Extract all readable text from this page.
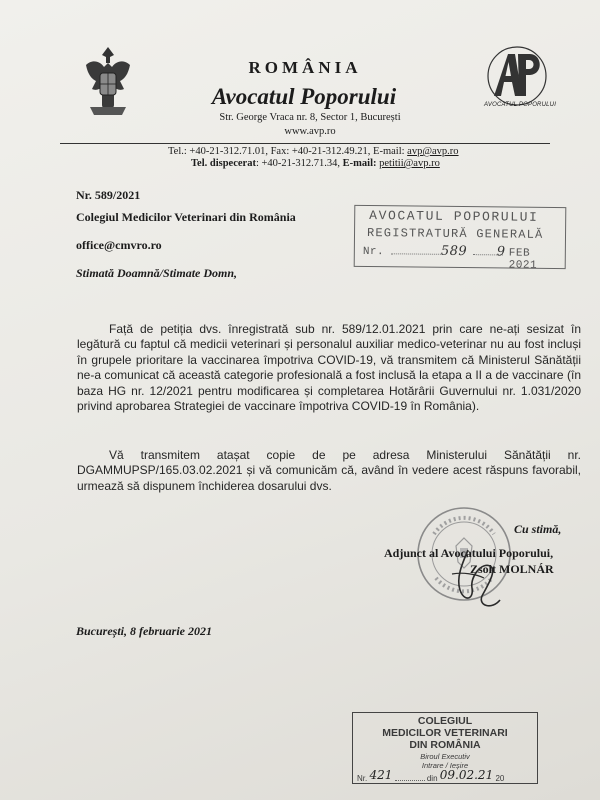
ROMÂNIA
Avocatul Poporului
Str. George Vraca nr. 8, Sector 1, București
www.avp.ro
AVOCATUL POPORULUI
Tel.: +40-21-312.71.01, Fax: +40-21-312.49.21, E-mail: avp@avp.ro
Tel. dispecerat: +40-21-312.71.34, E-mail: petitii@avp.ro
Nr. 589/2021
Colegiul Medicilor Veterinari din România
office@cmvro.ro
Stimată Doamnă/Stimate Domn,
AVOCATUL POPORULUI
REGISTRATURĂ GENERALĂ
Nr.	589 9 FEB 2021
Față de petiția dvs. înregistrată sub nr. 589/12.01.2021 prin care ne-ați sesizat în legătură cu faptul că medicii veterinari și personalul auxiliar medico-veterinar nu au fost incluși în grupele prioritare la vaccinarea împotriva COVID-19, vă transmitem că Ministerul Sănătății ne-a comunicat că această categorie profesională a fost inclusă la etapa a II a de vaccinare (în baza HG nr. 12/2021 pentru modificarea și completarea Hotărârii Guvernului nr. 1.031/2020 privind aprobarea Strategiei de vaccinare împotriva COVID-19 în România).
Vă transmitem atașat copie de pe adresa Ministerului Sănătății nr. DGAMMUPSP/165.03.02.2021 și vă comunicăm că, având în vedere acest răspuns favorabil, urmează să dispunem închiderea dosarului dvs.
Cu stimă,
Adjunct al Avocatului Poporului,
Zsolt MOLNÁR
București, 8 februarie 2021
COLEGIUL
MEDICILOR VETERINARI
DIN ROMÂNIA
Biroul Executiv
Intrare / Ieșire
Nr. 421	din 09.02.21 20
